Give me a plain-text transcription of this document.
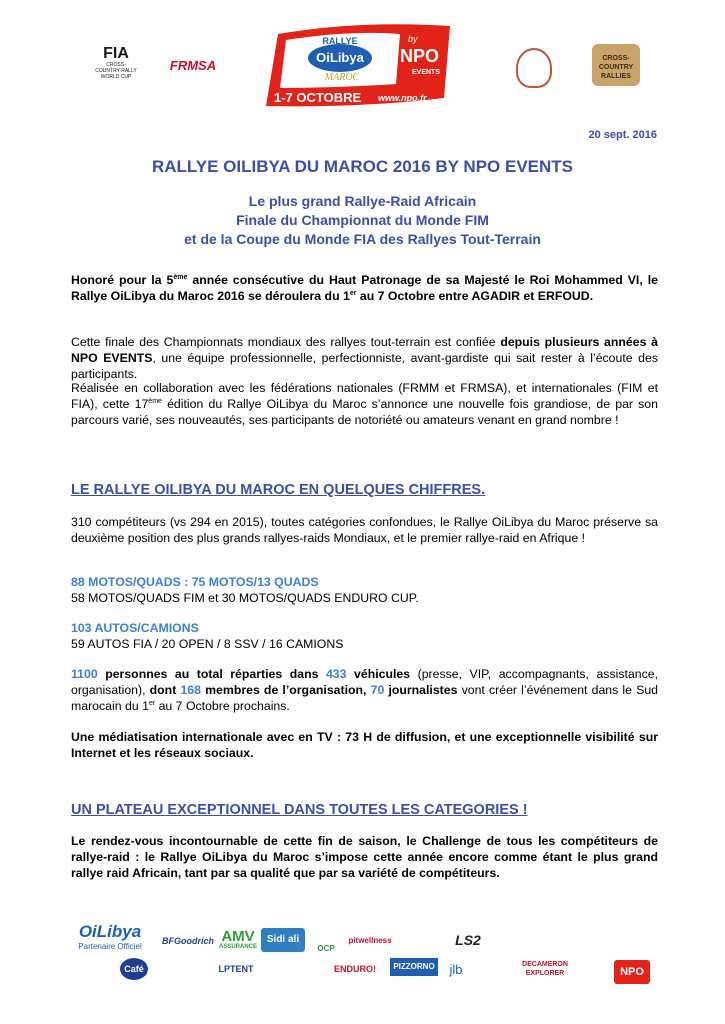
FIA
CROSS-COUNTRY RALLY WORLD CUP
FRMSA
RALLYE
OiLibya
MAROC
by
NPO
EVENTS
1-7 OCTOBRE www.npo.fr
CROSS-COUNTRY RALLIES
20 sept. 2016
RALLYE OILIBYA DU MAROC 2016 BY NPO EVENTS
Le plus grand Rallye-Raid Africain
Finale du Championnat du Monde FIM
et de la Coupe du Monde FIA des Rallyes Tout-Terrain
Honoré pour la 5ème année consécutive du Haut Patronage de sa Majesté le Roi Mohammed VI, le Rallye OiLibya du Maroc 2016 se déroulera du 1er au 7 Octobre entre AGADIR et ERFOUD.
Cette finale des Championnats mondiaux des rallyes tout-terrain est confiée depuis plusieurs années à NPO EVENTS, une équipe professionnelle, perfectionniste, avant-gardiste qui sait rester à l’écoute des participants.
Réalisée en collaboration avec les fédérations nationales (FRMM et FRMSA), et internationales (FIM et FIA), cette 17ème édition du Rallye OiLibya du Maroc s’annonce une nouvelle fois grandiose, de par son parcours varié, ses nouveautés, ses participants de notoriété ou amateurs venant en grand nombre !
LE RALLYE OILIBYA DU MAROC EN QUELQUES CHIFFRES.
310 compétiteurs (vs 294 en 2015), toutes catégories confondues, le Rallye OiLibya du Maroc préserve sa deuxième position des plus grands rallyes-raids Mondiaux, et le premier rallye-raid en Afrique !
88 MOTOS/QUADS : 75 MOTOS/13 QUADS
58 MOTOS/QUADS FIM et 30 MOTOS/QUADS ENDURO CUP.
103 AUTOS/CAMIONS
59 AUTOS FIA / 20 OPEN / 8 SSV / 16 CAMIONS
1100 personnes au total réparties dans 433 véhicules (presse, VIP, accompagnants, assistance, organisation), dont 168 membres de l’organisation, 70 journalistes vont créer l’événement dans le Sud marocain du 1er au 7 Octobre prochains.
Une médiatisation internationale avec en TV : 73 H de diffusion, et une exceptionnelle visibilité sur Internet et les réseaux sociaux.
UN PLATEAU EXCEPTIONNEL DANS TOUTES LES CATEGORIES !
Le rendez-vous incontournable de cette fin de saison, le Challenge de tous les compétiteurs de rallye-raid : le Rallye OiLibya du Maroc s’impose cette année encore comme étant le plus grand rallye raid Africain, tant par sa qualité que par sa variété de compétiteurs.
OiLibya
Partenaire Officiel
BFGoodrich AMV
ASSURANCE
Sidi ali
OCP
pitwellness	LS2
Café	LPTENT	ENDURO!	PIZZORNO	jlb	DECAMERON EXPLORER	NPO
